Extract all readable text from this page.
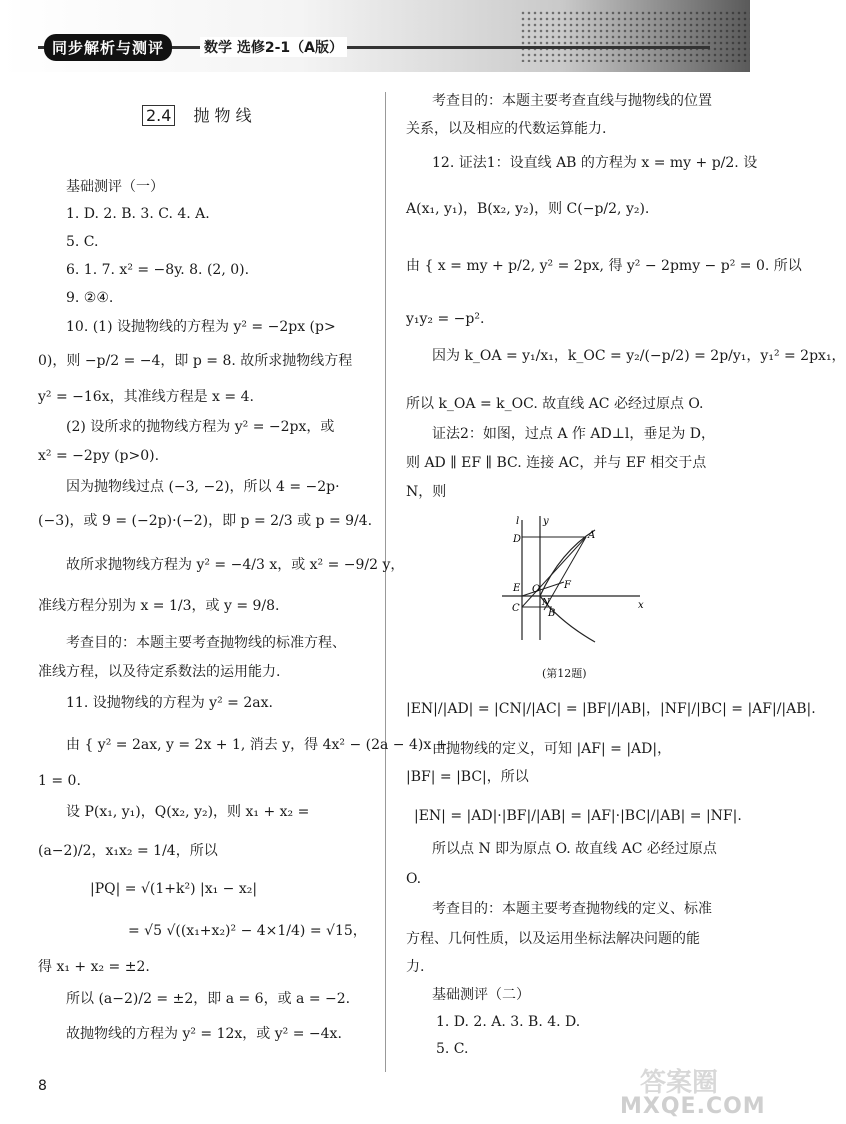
同步解析与测评	数学 选修2-1（A版）
2.4 抛 物 线
基础测评（一）
1. D. 2. B. 3. C. 4. A.
5. C.
6. 1. 7. x² = −8y. 8. (2, 0).
9. ②④.
10. (1) 设抛物线的方程为 y² = −2px (p>
0)，则 −p/2 = −4，即 p = 8. 故所求抛物线方程
y² = −16x，其准线方程是 x = 4.
(2) 设所求的抛物线方程为 y² = −2px，或
x² = −2py (p>0).
因为抛物线过点 (−3, −2)，所以 4 = −2p·
(−3)，或 9 = (−2p)·(−2)，即 p = 2/3 或 p = 9/4.
故所求抛物线方程为 y² = −4/3 x，或 x² = −9/2 y，
准线方程分别为 x = 1/3，或 y = 9/8.
考查目的：本题主要考查抛物线的标准方程、
准线方程，以及待定系数法的运用能力.
11. 设抛物线的方程为 y² = 2ax.
由 { y² = 2ax, y = 2x + 1, 消去 y，得 4x² − (2a − 4)x +
1 = 0.
设 P(x₁, y₁)，Q(x₂, y₂)，则 x₁ + x₂ =
(a−2)/2，x₁x₂ = 1/4，所以
|PQ| = √(1+k²) |x₁ − x₂|
= √5 √((x₁+x₂)² − 4×1/4) = √15，
得 x₁ + x₂ = ±2.
所以 (a−2)/2 = ±2，即 a = 6，或 a = −2.
故抛物线的方程为 y² = 12x，或 y² = −4x.
考查目的：本题主要考查直线与抛物线的位置
关系，以及相应的代数运算能力.
12. 证法1：设直线 AB 的方程为 x = my + p/2. 设
A(x₁, y₁)，B(x₂, y₂)，则 C(−p/2, y₂).
由 { x = my + p/2, y² = 2px, 得 y² − 2pmy − p² = 0. 所以
y₁y₂ = −p².
因为 k_OA = y₁/x₁，k_OC = y₂/(−p/2) = 2p/y₁，y₁² = 2px₁，
所以 k_OA = k_OC. 故直线 AC 必经过原点 O.
证法2：如图，过点 A 作 AD⊥l，垂足为 D，
则 AD ∥ EF ∥ BC. 连接 AC，并与 EF 相交于点
N，则
|EN|/|AD| = |CN|/|AC| = |BF|/|AB|，|NF|/|BC| = |AF|/|AB|.
由抛物线的定义，可知 |AF| = |AD|，
|BF| = |BC|，所以
|EN| = |AD|·|BF|/|AB| = |AF|·|BC|/|AB| = |NF|.
所以点 N 即为原点 O. 故直线 AC 必经过原点
O.
考查目的：本题主要考查抛物线的定义、标准
方程、几何性质，以及运用坐标法解决问题的能
力.
基础测评（二）
1. D. 2. A. 3. B. 4. D.
5. C.
l y
x
A
D
E O F
C N
B
(第12题)
8	答案圈
MXQE.COM
